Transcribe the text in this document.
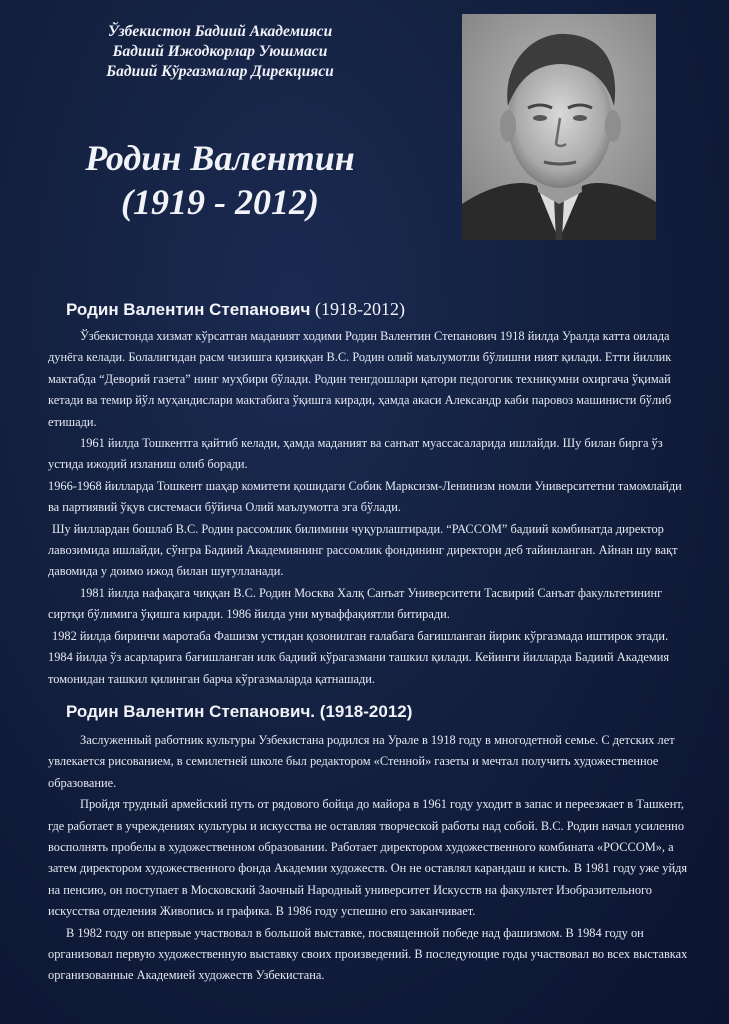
Ўзбекистон Бадиий Академияси
Бадиий Ижодкорлар Уюшмаси
Бадиий Кўргазмалар Дирекцияси
Родин Валентин
(1919 - 2012)
Родин Валентин Степанович (1918-2012)

Ўзбекистонда хизмат кўрсатган маданият ходими Родин Валентин Степанович 1918 йилда Уралда катта оилада дунёга келади. Болалигидан расм чизишга қизиққан В.С. Родин олий маълумотли бўлишни ният қилади. Етти йиллик мактабда “Деворий газета” нинг муҳбири бўлади. Родин тенгдошлари қатори педогогик техникумни охиргача ўқимай кетади ва темир йўл муҳандислари мактабига ўқишга киради, ҳамда акаси Александр каби паровоз машинисти бўлиб етишади.

1961 йилда Тошкентга қайтиб келади, ҳамда маданият ва санъат муассасаларида ишлайди. Шу билан бирга ўз устида ижодий изланиш олиб боради.

1966-1968 йилларда Тошкент шаҳар комитети қошидаги Собик Марксизм-Ленинизм номли Университетни тамомлайди ва партиявий ўқув системаси бўйича Олий маълумотга эга бўлади.

Шу йиллардан бошлаб В.С. Родин рассомлик билимини чуқурлаштиради. “РАССОМ” бадиий комбинатда директор лавозимида ишлайди, сўнгра Бадиий Академиянинг рассомлик фондининг директори деб тайинланган. Айнан шу вақт давомида у доимо ижод билан шуғулланади.

1981 йилда нафақага чиққан В.С. Родин Москва Халқ Санъат Университети Тасвирий Санъат факультетининг сиртқи бўлимига ўқишга киради. 1986 йилда уни муваффақиятли битиради.

1982 йилда биринчи маротаба Фашизм устидан қозонилган ғалабага бағишланган йирик кўргазмада иштирок этади. 1984 йилда ўз асарларига бағишланган илк бадиий кўрагазмани ташкил қилади. Кейинги йилларда Бадиий Академия томонидан ташкил қилинган барча кўргазмаларда қатнашади.

Родин Валентин Степанович. (1918-2012)

Заслуженный работник культуры Узбекистана родился на Урале в 1918 году в многодетной семье. С детских лет увлекается рисованием, в семилетней школе был редактором «Стенной» газеты и мечтал получить художественное образование.

Пройдя трудный армейский путь от рядового бойца до майора в 1961 году уходит в запас и переезжает в Ташкент, где работает в учреждениях культуры и искусства не оставляя творческой работы над собой. В.С. Родин начал усиленно восполнять пробелы в художественном образовании. Работает директором художественного комбината «РОССОМ», а затем директором художественного фонда Академии художеств. Он не оставлял карандаш и кисть. В 1981 году уже уйдя на пенсию, он поступает в Московский Заочный Народный университет Искусств на факультет Изобразительного искусства отделения Живопись и графика. В 1986 году успешно его заканчивает.

В 1982 году он впервые участвовал в большой выставке, посвященной победе над фашизмом. В 1984 году он организовал первую художественную выставку своих произведений. В последующие годы участвовал во всех выставках организованные Академией художеств Узбекистана.
